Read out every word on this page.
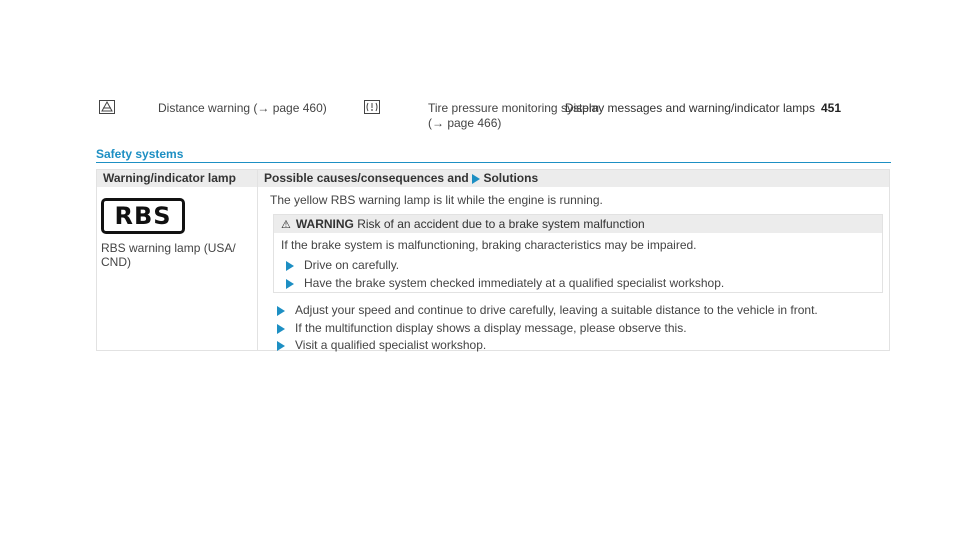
Display messages and warning/indicator lamps 451
Distance warning (→ page 460)	Tire pressure monitoring system
(→ page 466)
Safety systems
Warning/indicator lamp	Possible causes/consequences and Solutions
RBS
RBS warning lamp (USA/ CND)
The yellow RBS warning lamp is lit while the engine is running.
⚠ WARNING Risk of an accident due to a brake system malfunction
If the brake system is malfunctioning, braking characteristics may be impaired.
Drive on carefully.
Have the brake system checked immediately at a qualified specialist workshop.
Adjust your speed and continue to drive carefully, leaving a suitable distance to the vehicle in front.
If the multifunction display shows a display message, please observe this.
Visit a qualified specialist workshop.
